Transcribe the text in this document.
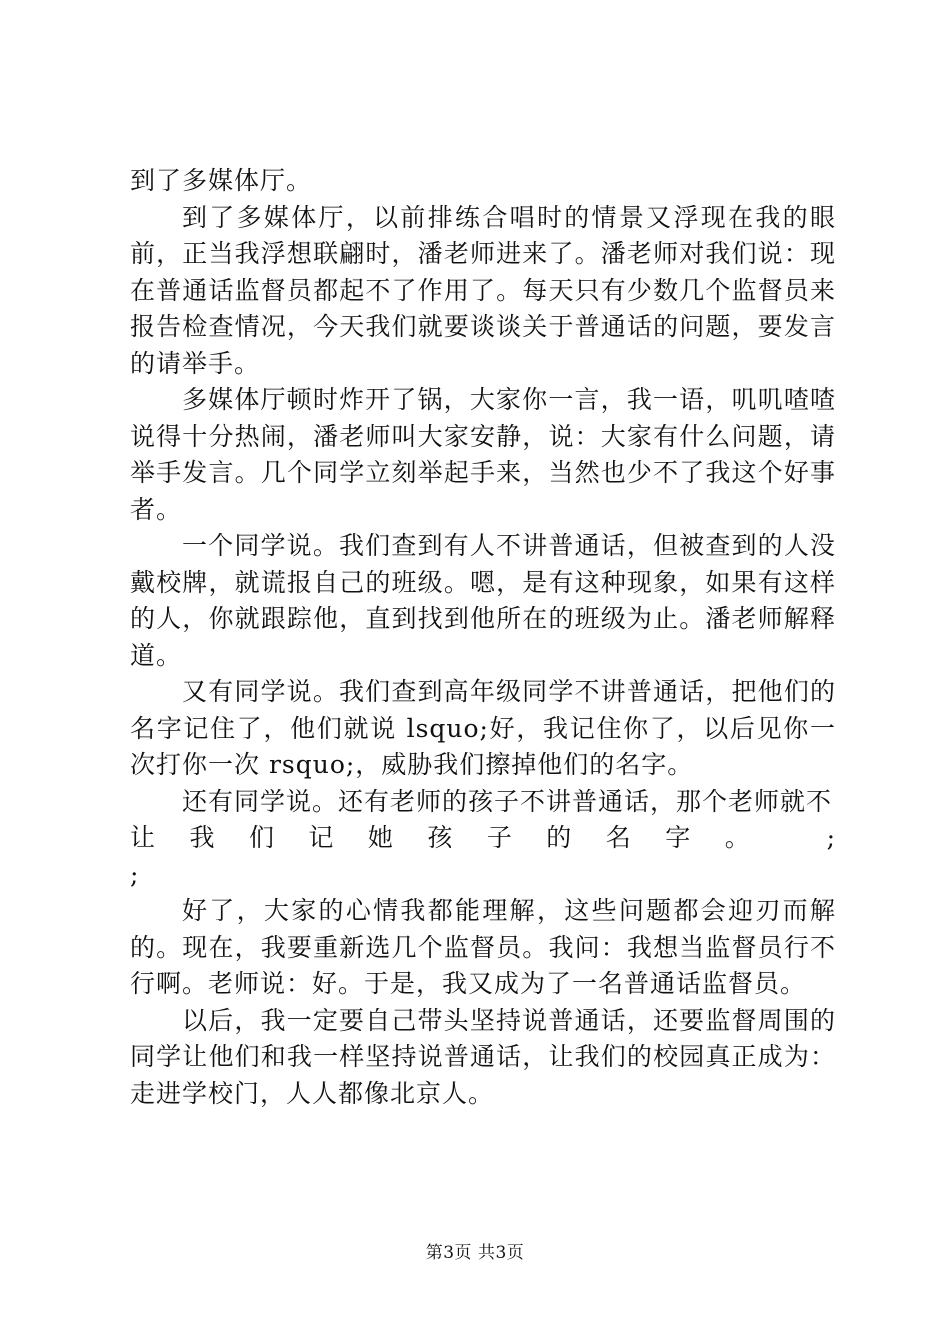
到了多媒体厅。

到了多媒体厅，以前排练合唱时的情景又浮现在我的眼前，正当我浮想联翩时，潘老师进来了。潘老师对我们说：现在普通话监督员都起不了作用了。每天只有少数几个监督员来报告检查情况，今天我们就要谈谈关于普通话的问题，要发言的请举手。

多媒体厅顿时炸开了锅，大家你一言，我一语，叽叽喳喳说得十分热闹，潘老师叫大家安静，说：大家有什么问题，请举手发言。几个同学立刻举起手来，当然也少不了我这个好事者。

一个同学说。我们查到有人不讲普通话，但被查到的人没戴校牌，就谎报自己的班级。嗯，是有这种现象，如果有这样的人，你就跟踪他，直到找到他所在的班级为止。潘老师解释道。

又有同学说。我们查到高年级同学不讲普通话，把他们的名字记住了，他们就说 lsquo;好，我记住你了，以后见你一次打你一次 rsquo;，威胁我们擦掉他们的名字。

还有同学说。还有老师的孩子不讲普通话，那个老师就不

让我们记她孩子的名字。 ;

;

好了，大家的心情我都能理解，这些问题都会迎刃而解的。现在，我要重新选几个监督员。我问：我想当监督员行不行啊。老师说：好。于是，我又成为了一名普通话监督员。

以后，我一定要自己带头坚持说普通话，还要监督周围的同学让他们和我一样坚持说普通话，让我们的校园真正成为：走进学校门，人人都像北京人。

第3页 共3页
